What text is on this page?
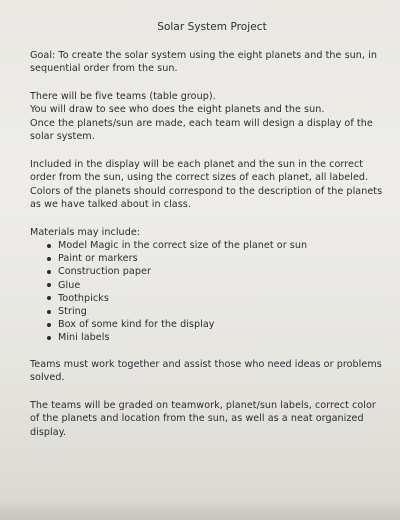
Solar System Project

Goal: To create the solar system using the eight planets and the sun, in
sequential order from the sun.

There will be five teams (table group).
You will draw to see who does the eight planets and the sun.
Once the planets/sun are made, each team will design a display of the
solar system.

Included in the display will be each planet and the sun in the correct
order from the sun, using the correct sizes of each planet, all labeled.
Colors of the planets should correspond to the description of the planets
as we have talked about in class.

Materials may include:
Model Magic in the correct size of the planet or sun
Paint or markers
Construction paper
Glue
Toothpicks
String
Box of some kind for the display
Mini labels

Teams must work together and assist those who need ideas or problems
solved.

The teams will be graded on teamwork, planet/sun labels, correct color
of the planets and location from the sun, as well as a neat organized
display.
